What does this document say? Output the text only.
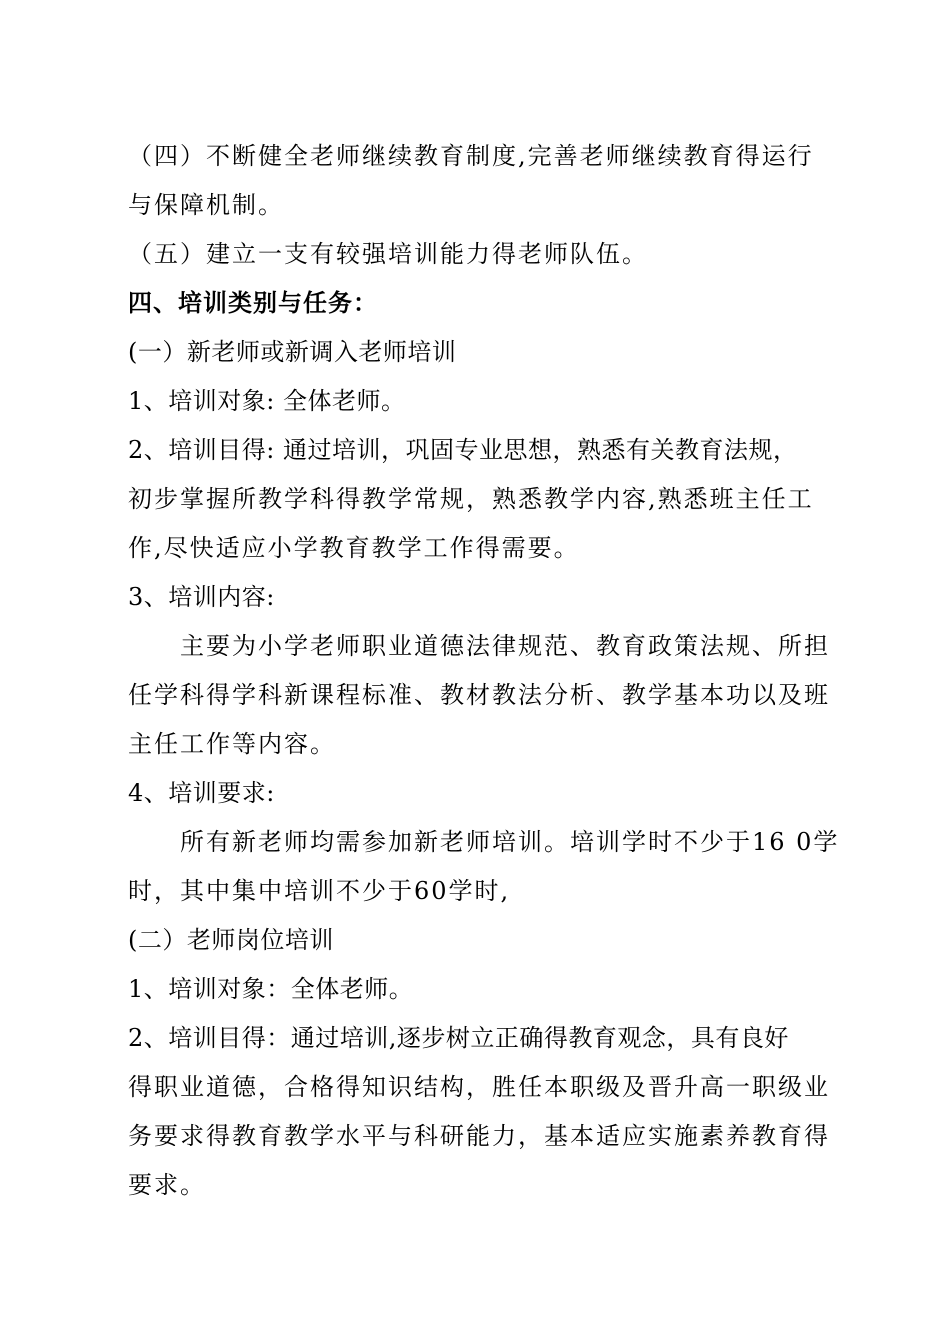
（四）不断健全老师继续教育制度,完善老师继续教育得运行

与保障机制。

（五）建立一支有较强培训能力得老师队伍。

四、培训类别与任务：

(一）新老师或新调入老师培训

1、培训对象: 全体老师。

2、培训目得: 通过培训，巩固专业思想，熟悉有关教育法规，

初步掌握所教学科得教学常规，熟悉教学内容,熟悉班主任工

作,尽快适应小学教育教学工作得需要。

3、培训内容:

主要为小学老师职业道德法律规范、教育政策法规、所担

任学科得学科新课程标准、教材教法分析、教学基本功以及班

主任工作等内容。

4、培训要求:

所有新老师均需参加新老师培训。培训学时不少于16 0学

时，其中集中培训不少于60学时,

(二）老师岗位培训

1、培训对象：全体老师。

2、培训目得：通过培训,逐步树立正确得教育观念，具有良好

得职业道德，合格得知识结构，胜任本职级及晋升高一职级业

务要求得教育教学水平与科研能力，基本适应实施素养教育得

要求。
